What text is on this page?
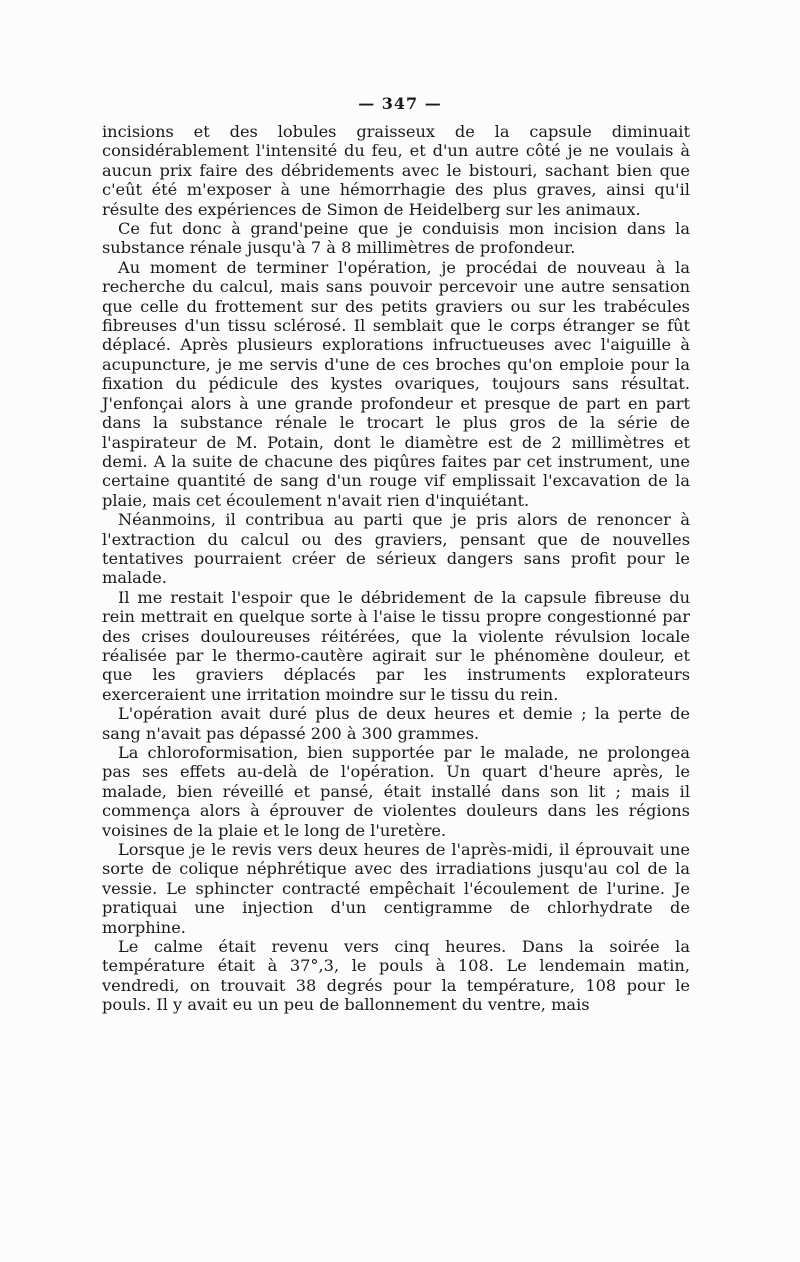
— 347 —

incisions et des lobules graisseux de la capsule diminuait considérablement l'intensité du feu, et d'un autre côté je ne voulais à aucun prix faire des débridements avec le bistouri, sachant bien que c'eût été m'exposer à une hémorrhagie des plus graves, ainsi qu'il résulte des expériences de Simon de Heidelberg sur les animaux.

Ce fut donc à grand'peine que je conduisis mon incision dans la substance rénale jusqu'à 7 à 8 millimètres de profondeur.

Au moment de terminer l'opération, je procédai de nouveau à la recherche du calcul, mais sans pouvoir percevoir une autre sensation que celle du frottement sur des petits graviers ou sur les trabécules fibreuses d'un tissu sclérosé. Il semblait que le corps étranger se fût déplacé. Après plusieurs explorations infructueuses avec l'aiguille à acupuncture, je me servis d'une de ces broches qu'on emploie pour la fixation du pédicule des kystes ovariques, toujours sans résultat. J'enfonçai alors à une grande profondeur et presque de part en part dans la substance rénale le trocart le plus gros de la série de l'aspirateur de M. Potain, dont le diamètre est de 2 millimètres et demi. A la suite de chacune des piqûres faites par cet instrument, une certaine quantité de sang d'un rouge vif emplissait l'excavation de la plaie, mais cet écoulement n'avait rien d'inquiétant.

Néanmoins, il contribua au parti que je pris alors de renoncer à l'extraction du calcul ou des graviers, pensant que de nouvelles tentatives pourraient créer de sérieux dangers sans profit pour le malade.

Il me restait l'espoir que le débridement de la capsule fibreuse du rein mettrait en quelque sorte à l'aise le tissu propre congestionné par des crises douloureuses réitérées, que la violente révulsion locale réalisée par le thermo-cautère agirait sur le phénomène douleur, et que les graviers déplacés par les instruments explorateurs exerceraient une irritation moindre sur le tissu du rein.

L'opération avait duré plus de deux heures et demie ; la perte de sang n'avait pas dépassé 200 à 300 grammes.

La chloroformisation, bien supportée par le malade, ne prolongea pas ses effets au-delà de l'opération. Un quart d'heure après, le malade, bien réveillé et pansé, était installé dans son lit ; mais il commença alors à éprouver de violentes douleurs dans les régions voisines de la plaie et le long de l'uretère.

Lorsque je le revis vers deux heures de l'après-midi, il éprouvait une sorte de colique néphrétique avec des irradiations jusqu'au col de la vessie. Le sphincter contracté empêchait l'écoulement de l'urine. Je pratiquai une injection d'un centigramme de chlorhydrate de morphine.

Le calme était revenu vers cinq heures. Dans la soirée la température était à 37°,3, le pouls à 108. Le lendemain matin, vendredi, on trouvait 38 degrés pour la température, 108 pour le pouls. Il y avait eu un peu de ballonnement du ventre, mais
